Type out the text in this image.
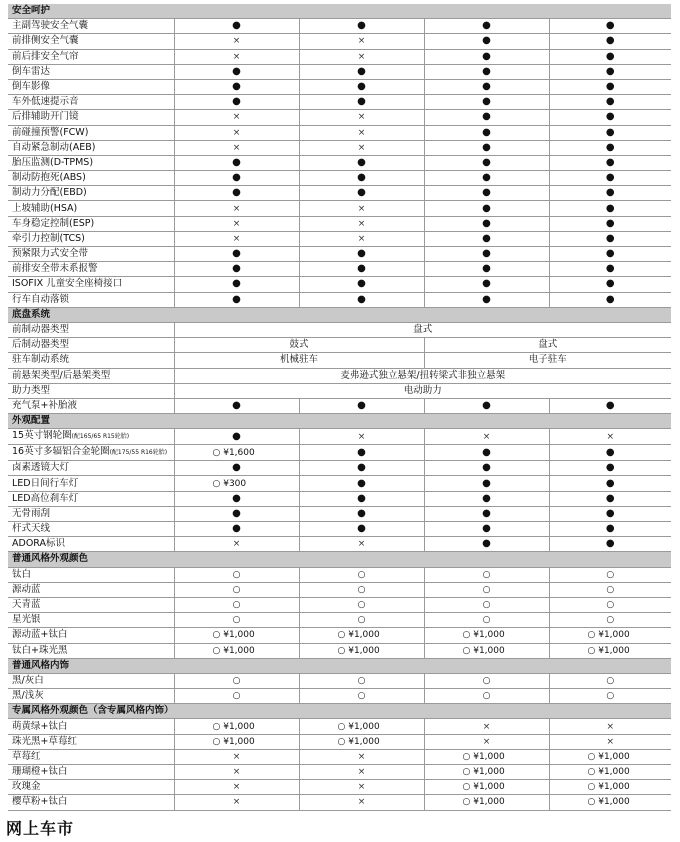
安全呵护				
主副驾驶安全气囊	●	●	●	●
前排侧安全气囊	×	×	●	●
前后排安全气帘	×	×	●	●
倒车雷达	●	●	●	●
倒车影像	●	●	●	●
车外低速提示音	●	●	●	●
后排辅助开门镜	×	×	●	●
前碰撞预警(FCW)	×	×	●	●
自动紧急制动(AEB)	×	×	●	●
胎压监测(D-TPMS)	●	●	●	●
制动防抱死(ABS)	●	●	●	●
制动力分配(EBD)	●	●	●	●
上坡辅助(HSA)	×	×	●	●
车身稳定控制(ESP)	×	×	●	●
牵引力控制(TCS)	×	×	●	●
预紧限力式安全带	●	●	●	●
前排安全带未系报警	●	●	●	●
ISOFIX 儿童安全座椅接口	●	●	●	●
行车自动落锁	●	●	●	●
底盘系统				
前制动器类型	盘式			
后制动器类型	鼓式		盘式	
驻车制动系统	机械驻车		电子驻车	
前悬架类型/后悬架类型	麦弗逊式独立悬架/扭转梁式非独立悬架			
助力类型	电动助力			
充气泵+补胎液	●	●	●	●
外观配置				
15英寸钢轮圈(配165/65 R15轮胎)	●	×	×	×
16英寸多辐铝合金轮圈(配175/55 R16轮胎)	○ ¥1,600	●	●	●
卤素透镜大灯	●	●	●	●
LED日间行车灯	○ ¥300	●	●	●
LED高位刹车灯	●	●	●	●
无骨雨刮	●	●	●	●
杆式天线	●	●	●	●
ADORA标识	×	×	●	●
普通风格外观颜色				
钛白	○	○	○	○
源动蓝	○	○	○	○
天青蓝	○	○	○	○
星光银	○	○	○	○
源动蓝+钛白	○ ¥1,000	○ ¥1,000	○ ¥1,000	○ ¥1,000
钛白+珠光黑	○ ¥1,000	○ ¥1,000	○ ¥1,000	○ ¥1,000
普通风格内饰				
黑/灰白	○	○	○	○
黑/浅灰	○	○	○	○
专属风格外观颜色（含专属风格内饰）				
萌黄绿+钛白	○ ¥1,000	○ ¥1,000	×	×
珠光黑+草莓红	○ ¥1,000	○ ¥1,000	×	×
草莓红	×	×	○ ¥1,000	○ ¥1,000
珊瑚橙+钛白	×	×	○ ¥1,000	○ ¥1,000
玫瑰金	×	×	○ ¥1,000	○ ¥1,000
樱草粉+钛白	×	×	○ ¥1,000	○ ¥1,000
网上车市
